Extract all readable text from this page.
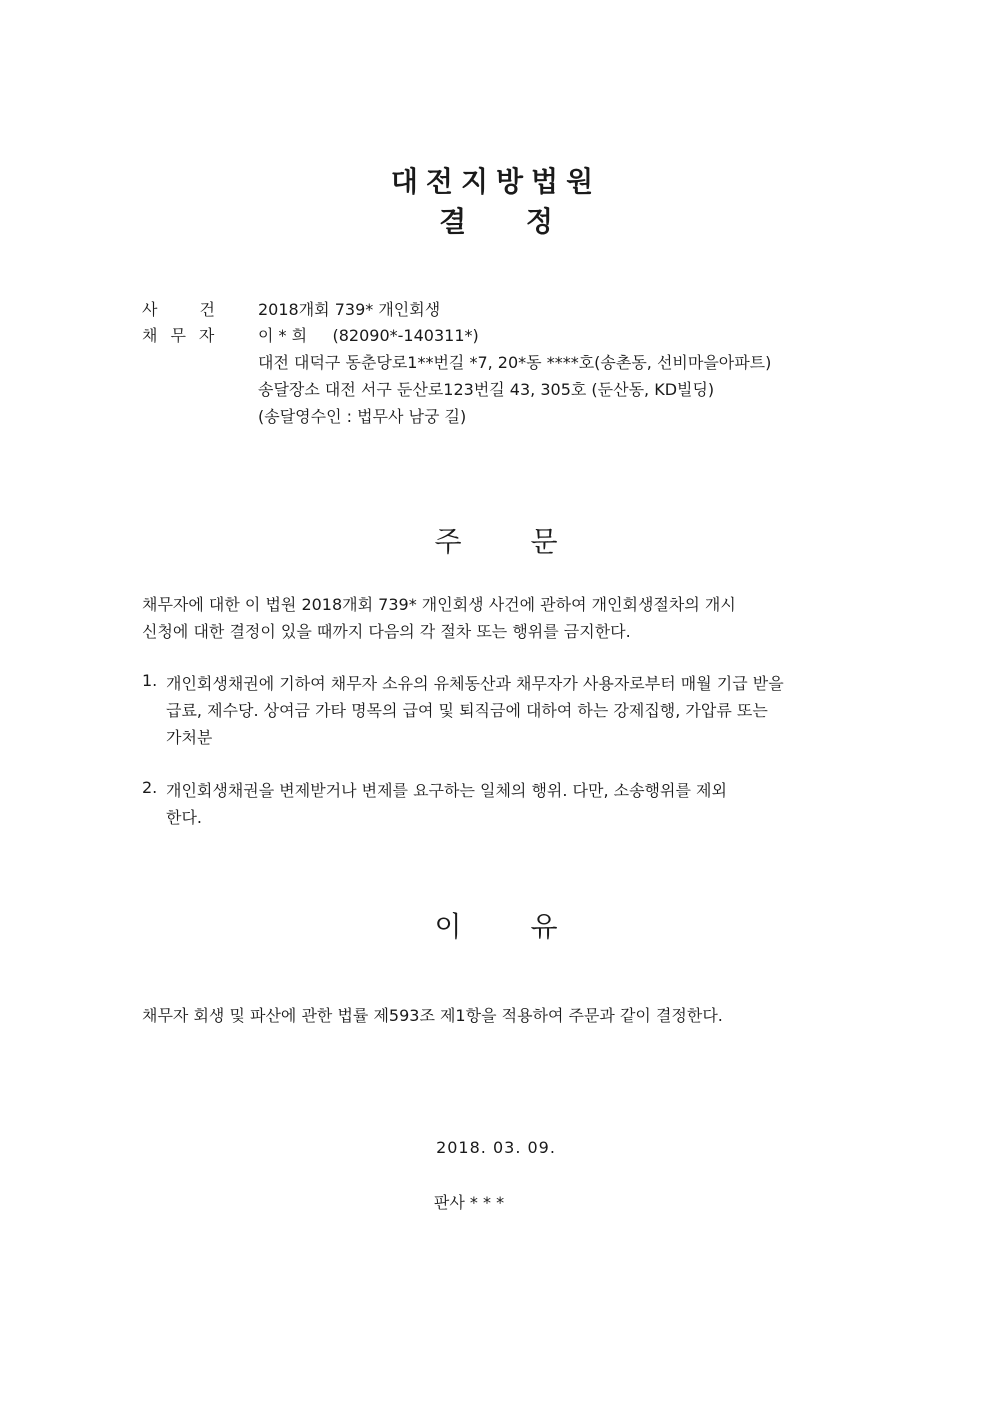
대전지방법원
결 정
사건 2018개회 739* 개인회생
채무자 이 * 희     (82090*-140311*)
대전 대덕구 동춘당로1**번길 *7, 20*동 ****호(송촌동, 선비마을아파트)
송달장소 대전 서구 둔산로123번길 43, 305호 (둔산동, KD빌딩)
(송달영수인 : 법무사 남궁 길)
주 문
채무자에 대한 이 법원 2018개회 739* 개인회생 사건에 관하여 개인회생절차의 개시
신청에 대한 결정이 있을 때까지 다음의 각 절차 또는 행위를 금지한다.
1. 개인회생채권에 기하여 채무자 소유의 유체동산과 채무자가 사용자로부터 매월 기급 받을
급료, 제수당. 상여금 가타 명목의 급여 및 퇴직금에 대하여 하는 강제집행, 가압류 또는
가처분
2. 개인회생채권을 변제받거나 변제를 요구하는 일체의 행위. 다만, 소송행위를 제외
한다.
이 유
채무자 회생 및 파산에 관한 법률 제593조 제1항을 적용하여 주문과 같이 결정한다.
2018. 03. 09.
판사 * * *
